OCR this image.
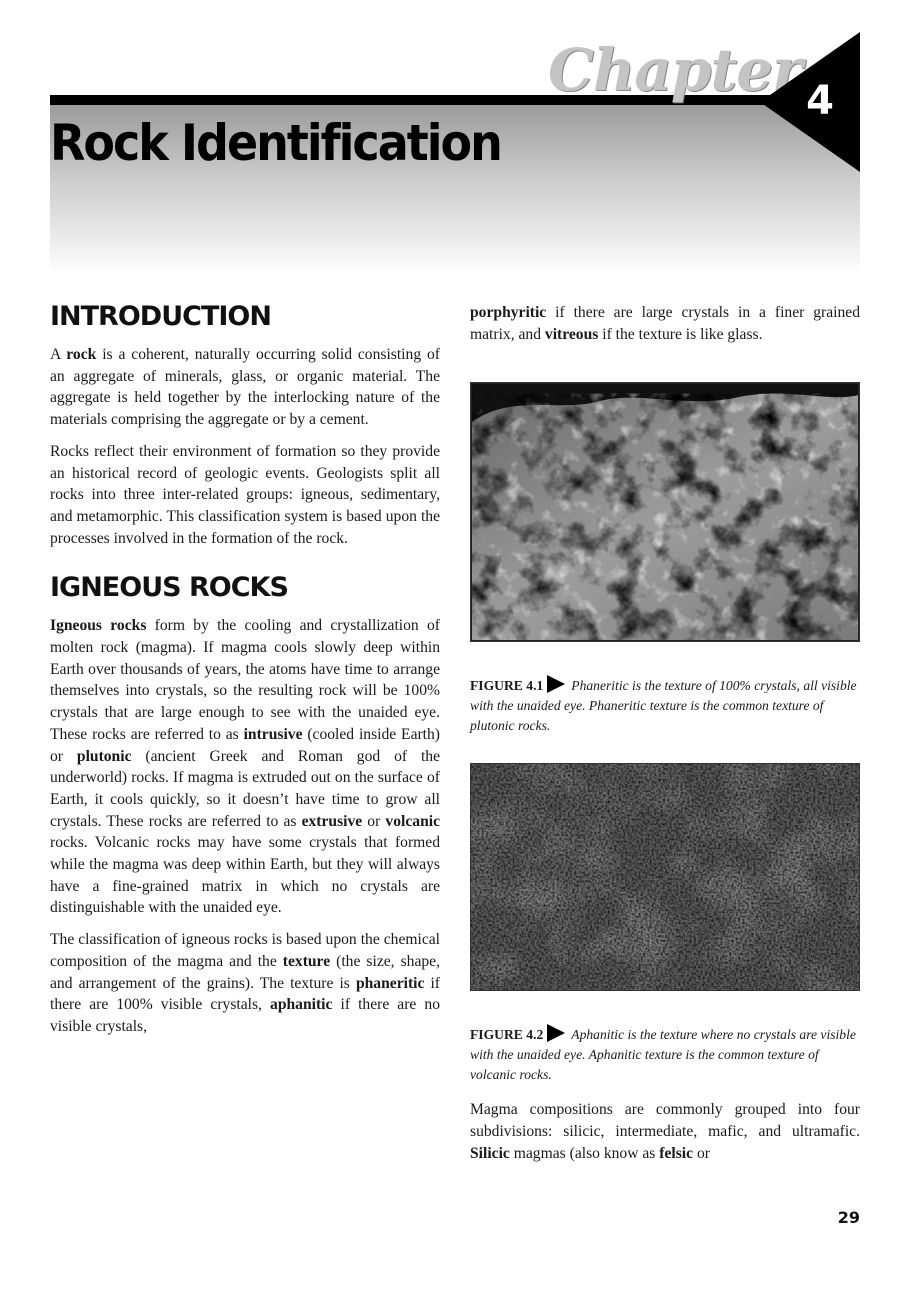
Chapter 4
Rock Identification
INTRODUCTION

A rock is a coherent, naturally occurring solid consisting of an aggregate of minerals, glass, or organic material. The aggregate is held together by the interlocking nature of the materials comprising the aggregate or by a cement.

Rocks reflect their environment of formation so they provide an historical record of geologic events. Geologists split all rocks into three inter-related groups: igneous, sedimentary, and metamorphic. This classification system is based upon the processes involved in the formation of the rock.

IGNEOUS ROCKS

Igneous rocks form by the cooling and crystallization of molten rock (magma). If magma cools slowly deep within Earth over thousands of years, the atoms have time to arrange themselves into crystals, so the resulting rock will be 100% crystals that are large enough to see with the unaided eye. These rocks are referred to as intrusive (cooled inside Earth) or plutonic (ancient Greek and Roman god of the underworld) rocks. If magma is extruded out on the surface of Earth, it cools quickly, so it doesn’t have time to grow all crystals. These rocks are referred to as extrusive or volcanic rocks. Volcanic rocks may have some crystals that formed while the magma was deep within Earth, but they will always have a fine-grained matrix in which no crystals are distinguishable with the unaided eye.

The classification of igneous rocks is based upon the chemical composition of the magma and the texture (the size, shape, and arrangement of the grains). The texture is phaneritic if there are 100% visible crystals, aphanitic if there are no visible crystals,

porphyritic if there are large crystals in a finer grained matrix, and vitreous if the texture is like glass.

FIGURE 4.1 Phaneritic is the texture of 100% crystals, all visible with the unaided eye. Phaneritic texture is the common texture of plutonic rocks.
FIGURE 4.2 Aphanitic is the texture where no crystals are visible with the unaided eye. Aphanitic texture is the common texture of volcanic rocks.

Magma compositions are commonly grouped into four subdivisions: silicic, intermediate, mafic, and ultramafic. Silicic magmas (also know as felsic or

29
